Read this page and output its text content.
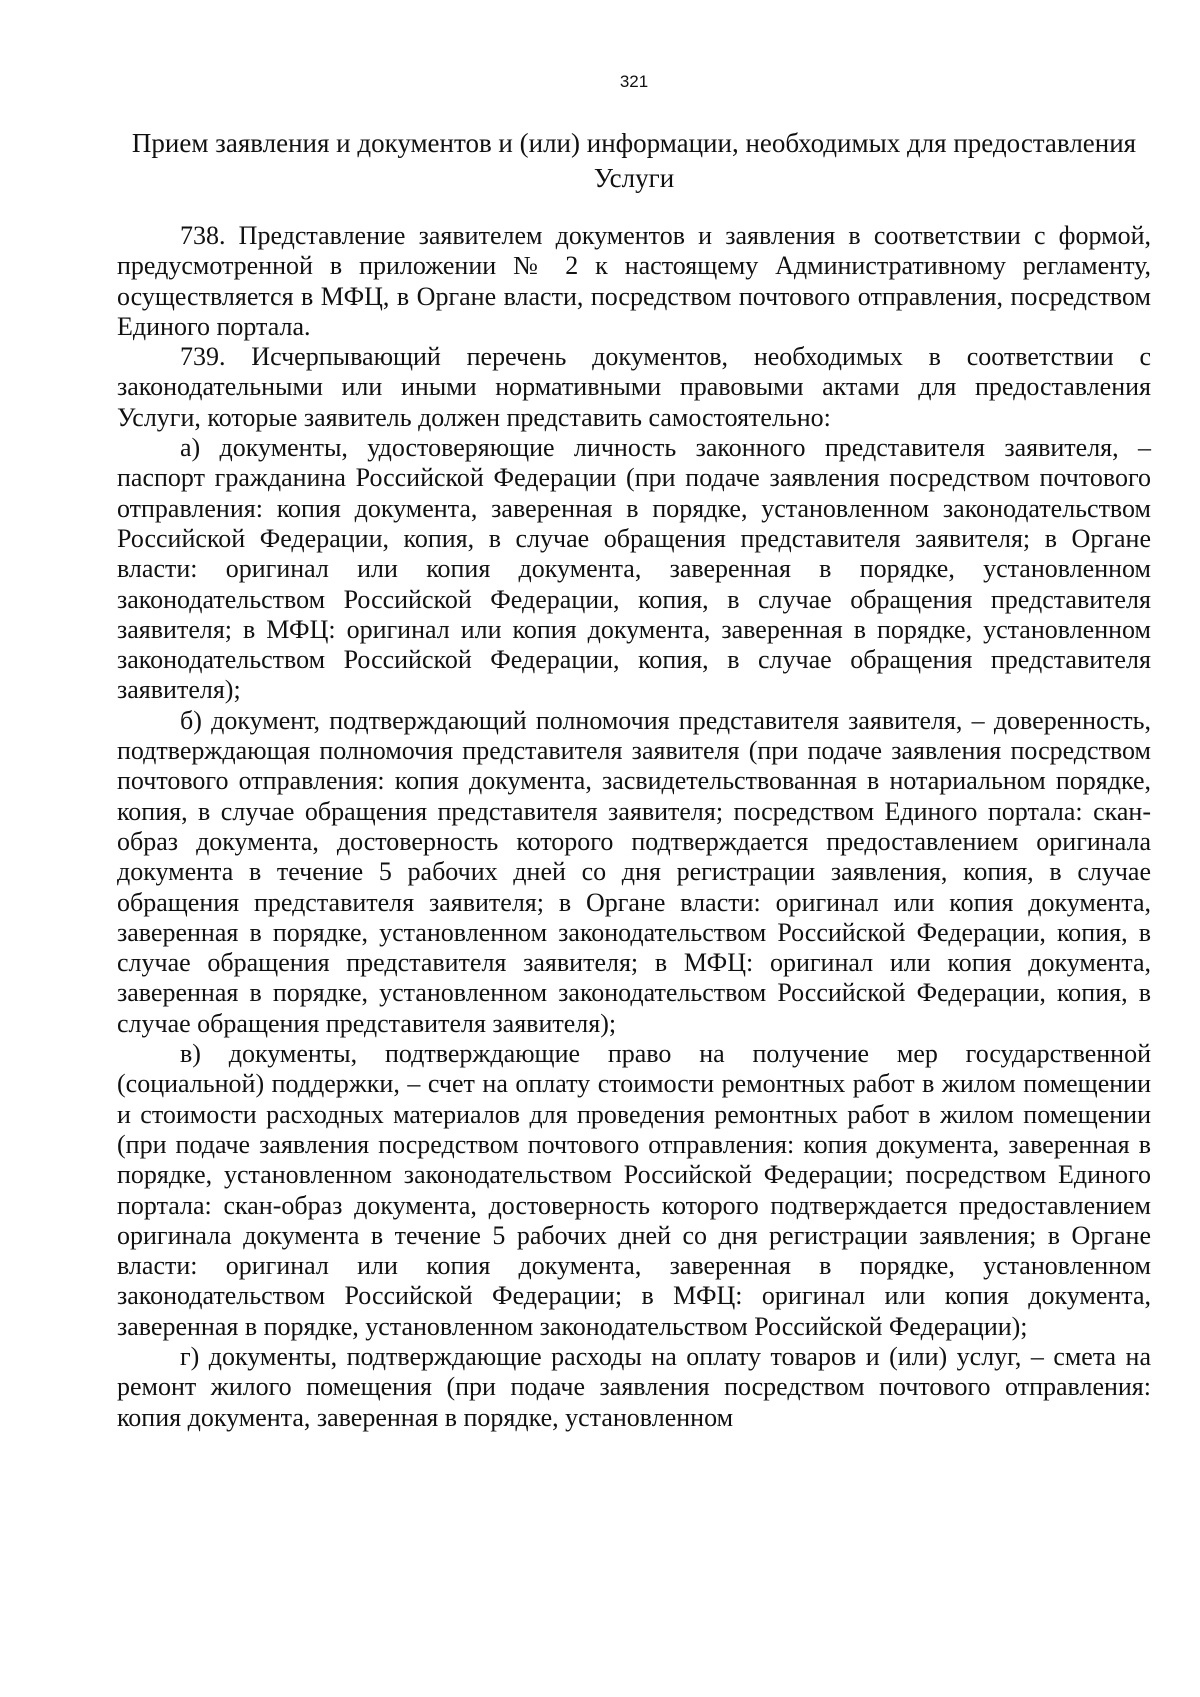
321
Прием заявления и документов и (или) информации, необходимых для предоставления Услуги

738. Представление заявителем документов и заявления в соответствии с формой, предусмотренной в приложении № 2 к настоящему Административному регламенту, осуществляется в МФЦ, в Органе власти, посредством почтового отправления, посредством Единого портала.

739. Исчерпывающий перечень документов, необходимых в соответствии с законодательными или иными нормативными правовыми актами для предоставления Услуги, которые заявитель должен представить самостоятельно:

а) документы, удостоверяющие личность законного представителя заявителя, – паспорт гражданина Российской Федерации (при подаче заявления посредством почтового отправления: копия документа, заверенная в порядке, установленном законодательством Российской Федерации, копия, в случае обращения представителя заявителя; в Органе власти: оригинал или копия документа, заверенная в порядке, установленном законодательством Российской Федерации, копия, в случае обращения представителя заявителя; в МФЦ: оригинал или копия документа, заверенная в порядке, установленном законодательством Российской Федерации, копия, в случае обращения представителя заявителя);

б) документ, подтверждающий полномочия представителя заявителя, – доверенность, подтверждающая полномочия представителя заявителя (при подаче заявления посредством почтового отправления: копия документа, засвидетельствованная в нотариальном порядке, копия, в случае обращения представителя заявителя; посредством Единого портала: скан-образ документа, достоверность которого подтверждается предоставлением оригинала документа в течение 5 рабочих дней со дня регистрации заявления, копия, в случае обращения представителя заявителя; в Органе власти: оригинал или копия документа, заверенная в порядке, установленном законодательством Российской Федерации, копия, в случае обращения представителя заявителя; в МФЦ: оригинал или копия документа, заверенная в порядке, установленном законодательством Российской Федерации, копия, в случае обращения представителя заявителя);

в) документы, подтверждающие право на получение мер государственной (социальной) поддержки, – счет на оплату стоимости ремонтных работ в жилом помещении и стоимости расходных материалов для проведения ремонтных работ в жилом помещении (при подаче заявления посредством почтового отправления: копия документа, заверенная в порядке, установленном законодательством Российской Федерации; посредством Единого портала: скан-образ документа, достоверность которого подтверждается предоставлением оригинала документа в течение 5 рабочих дней со дня регистрации заявления; в Органе власти: оригинал или копия документа, заверенная в порядке, установленном законодательством Российской Федерации; в МФЦ: оригинал или копия документа, заверенная в порядке, установленном законодательством Российской Федерации);

г) документы, подтверждающие расходы на оплату товаров и (или) услуг, – смета на ремонт жилого помещения (при подаче заявления посредством почтового отправления: копия документа, заверенная в порядке, установленном
